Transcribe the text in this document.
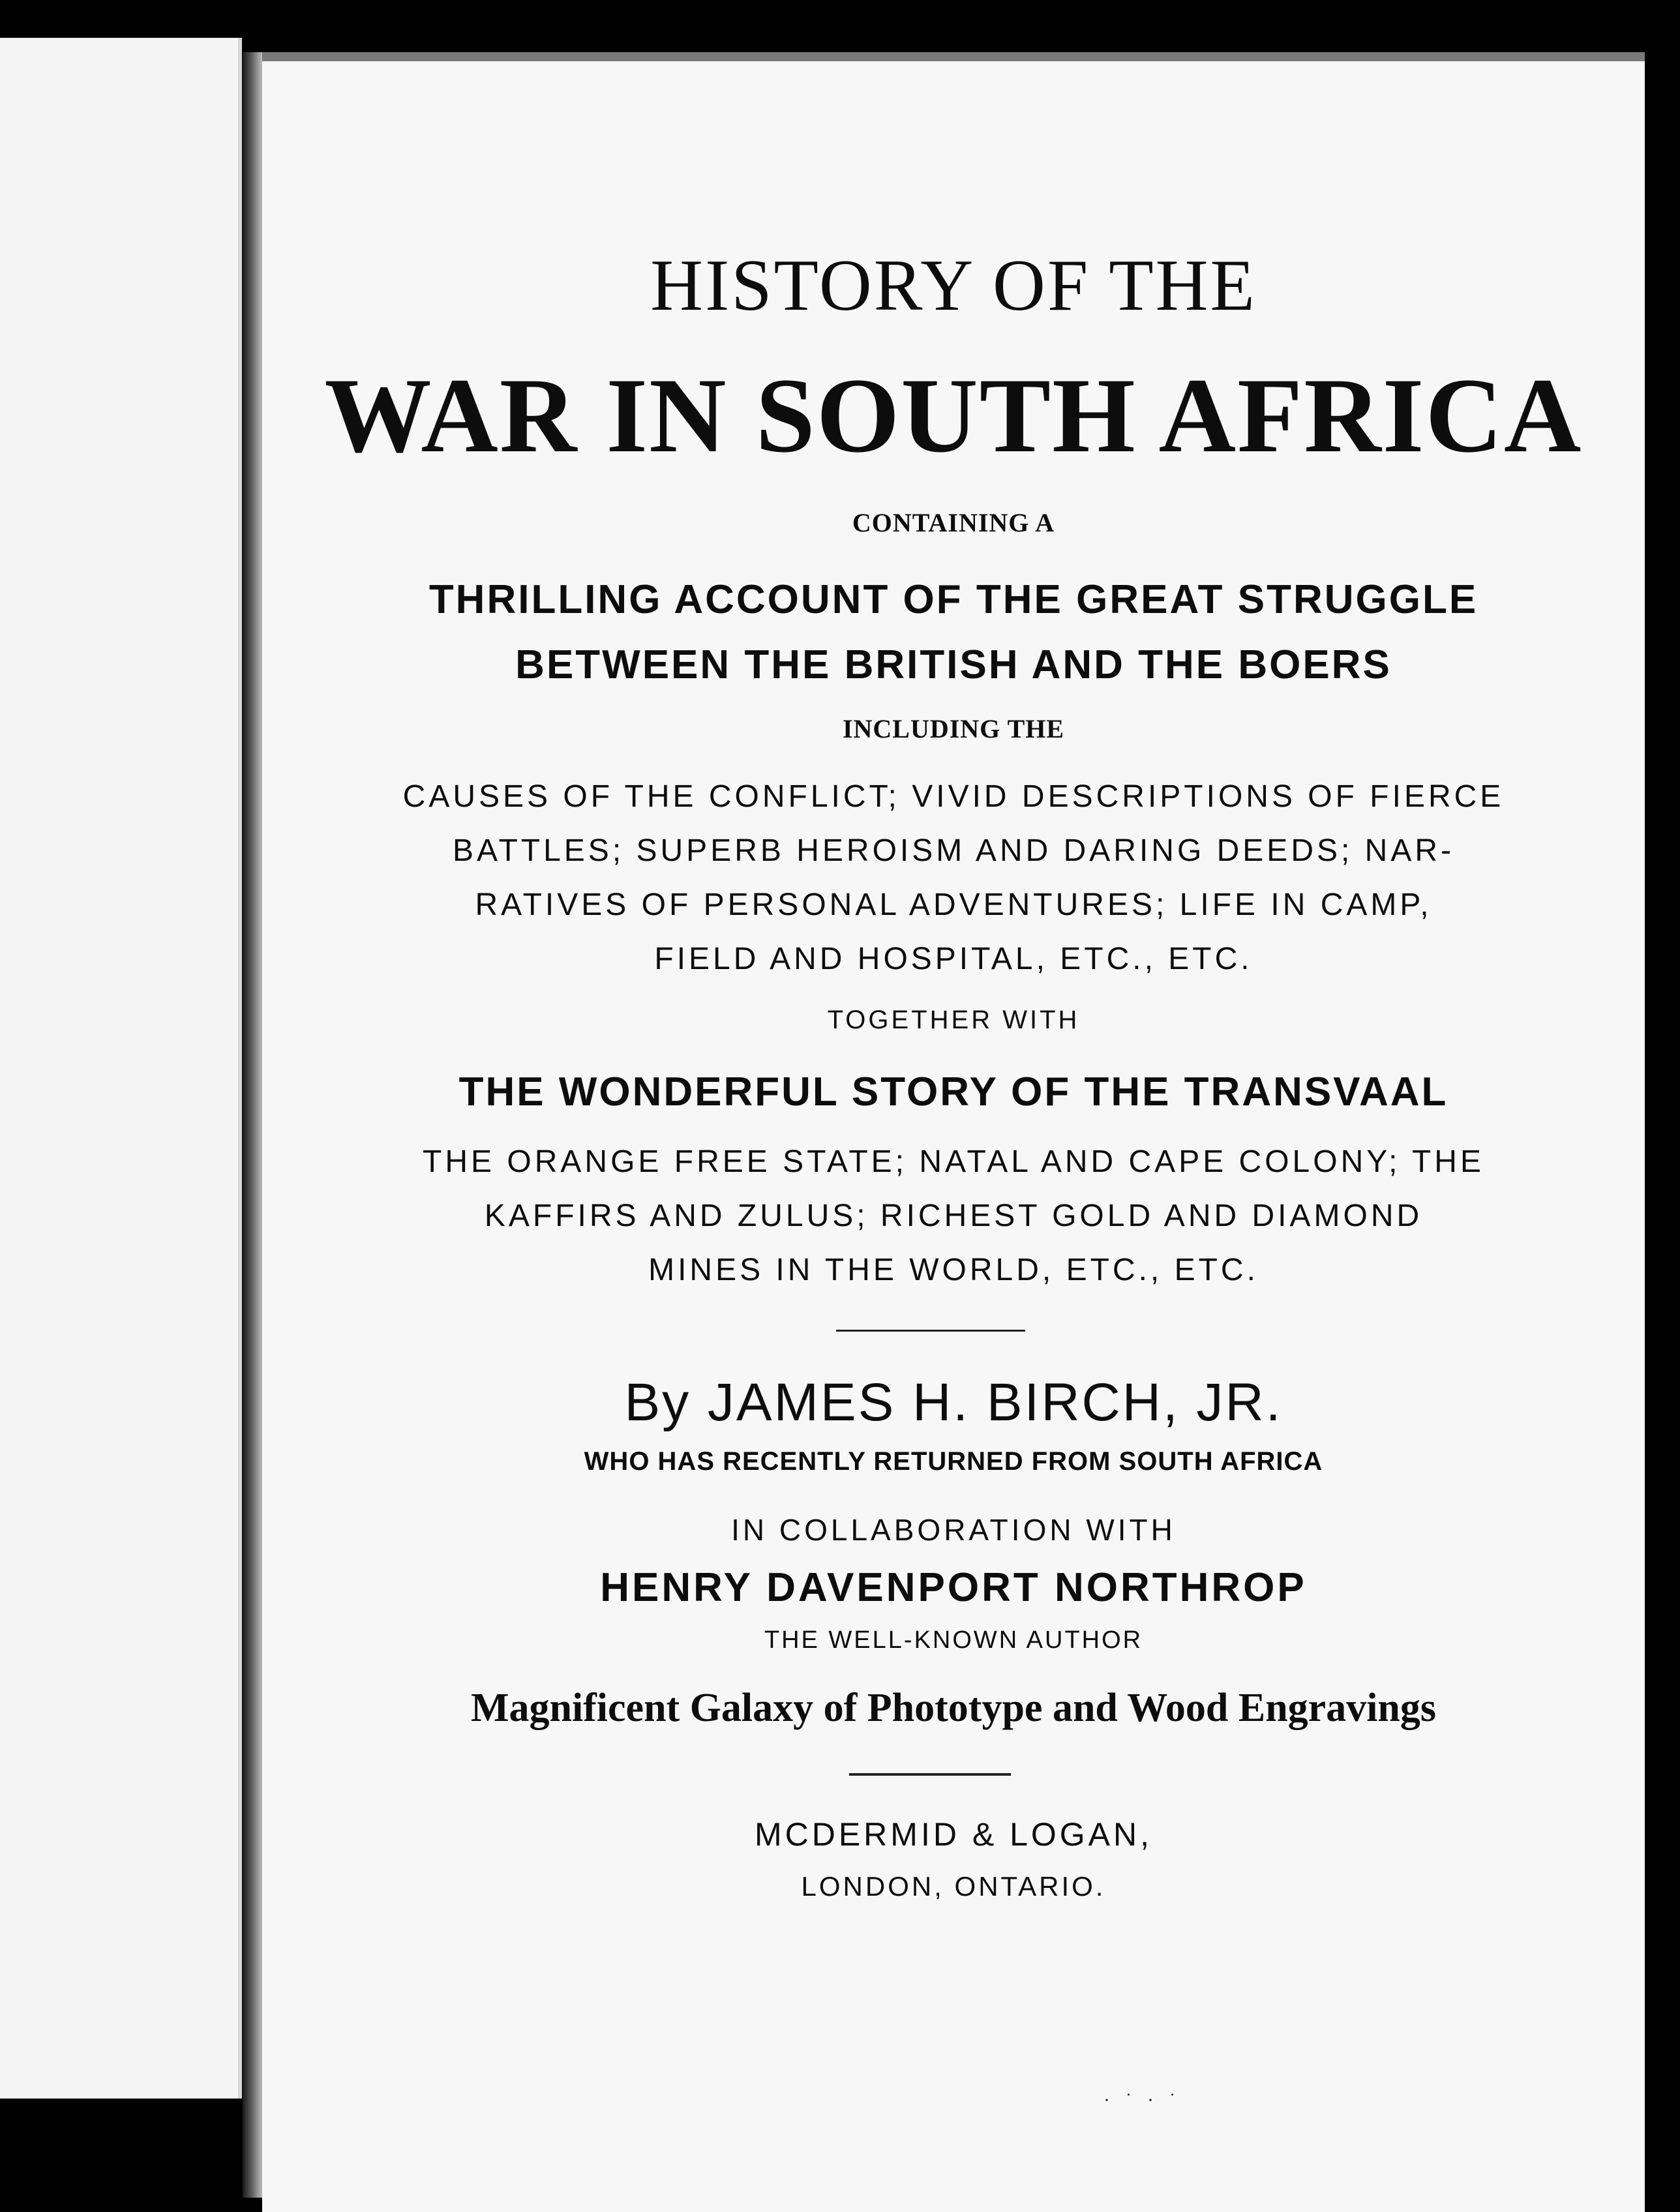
HISTORY OF THE
WAR IN SOUTH AFRICA
CONTAINING A
THRILLING ACCOUNT OF THE GREAT STRUGGLE
BETWEEN THE BRITISH AND THE BOERS
INCLUDING THE
CAUSES OF THE CONFLICT; VIVID DESCRIPTIONS OF FIERCE
BATTLES; SUPERB HEROISM AND DARING DEEDS; NAR-
RATIVES OF PERSONAL ADVENTURES; LIFE IN CAMP,
FIELD AND HOSPITAL, ETC., ETC.
TOGETHER WITH
THE WONDERFUL STORY OF THE TRANSVAAL
THE ORANGE FREE STATE; NATAL AND CAPE COLONY; THE
KAFFIRS AND ZULUS; RICHEST GOLD AND DIAMOND
MINES IN THE WORLD, ETC., ETC.
By JAMES H. BIRCH, JR.
WHO HAS RECENTLY RETURNED FROM SOUTH AFRICA
IN COLLABORATION WITH
HENRY DAVENPORT NORTHROP
THE WELL-KNOWN AUTHOR
Magnificent Galaxy of Phototype and Wood Engravings
MCDERMID & LOGAN,
LONDON, ONTARIO.
· ˙ · ˙
